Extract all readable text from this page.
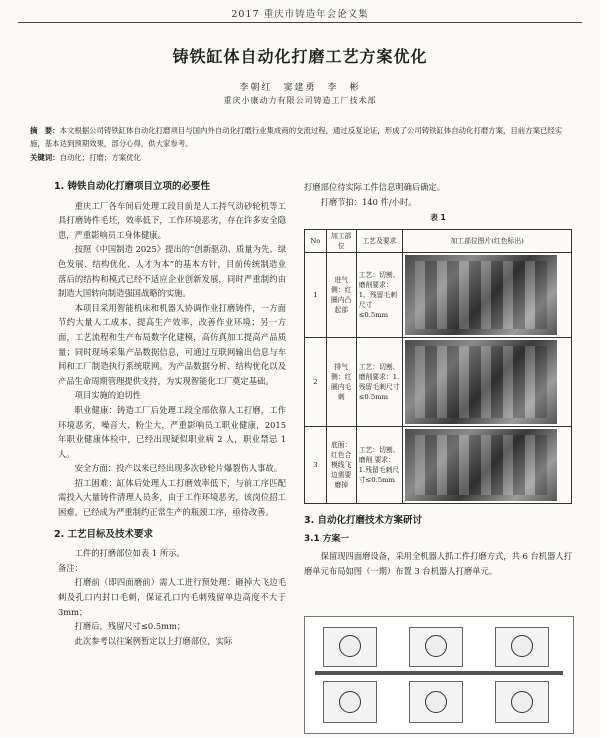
2017 重庆市铸造年会论文集
铸铁缸体自动化打磨工艺方案优化
李朝红　窦建勇　李　彬
重庆小康动力有限公司铸造工厂技术部
摘　要：本文根据公司铸铁缸体自动化打磨项目与国内外自动化打磨行业集成商的交流过程，通过反复论证，形成了公司铸铁缸体自动化打磨方案，目前方案已经实施，基本达到预期效果，部分心得，供大家参考。
关键词：自动化；打磨；方案优化
1. 铸铁自动化打磨项目立项的必要性

重庆工厂各车间后处理工段目前是人工持气动砂轮机等工具打磨铸件毛坯，效率低下，工作环境恶劣，存在许多安全隐患，严重影响员工身体健康。

按照《中国制造 2025》提出的“创新驱动、质量为先、绿色发展、结构优化、人才为本”的基本方针，目前传统制造业落后的结构和模式已经不适应企业创新发展，同时严重制约由制造大国转向制造强国战略的实施。

本项目采用智能机床和机器人协调作业打磨铸件，一方面节约大量人工成本、提高生产效率，改善作业环境；另一方面，工艺流程和生产布局数字化建模，高仿真加工提高产品质量；同时现场采集产品数据信息，可通过互联网输出信息与车间和工厂制造执行系统联网。为产品数据分析、结构优化以及产品生命周期管理提供支持，为实现智能化工厂奠定基础。

项目实施的迫切性

职业健康：铸造工厂后处理工段全部依靠人工打磨，工作环境恶劣，噪音大、粉尘大，严重影响员工职业健康，2015 年职业健康体检中，已经出现疑似职业病 2 人，职业禁忌 1 人。

安全方面：投产以来已经出现多次砂轮片爆裂伤人事故。

招工困难：缸体后处理人工打磨效率低下，与前工序匹配需投入大量铸件清理人员多，由于工作环境恶劣，该岗位招工困难，已经成为严重制约正常生产的瓶颈工序，亟待改善。

2. 工艺目标及技术要求

工件的打磨部位如表 1 所示。

备注：

打磨前（即四面磨前）需人工进行预处理：砸掉大飞边毛刺及孔口内封口毛刺，保证孔口内毛刺残留单边高度不大于3mm；

打磨后，残留尺寸≤0.5mm；

此次参考以往案例暂定以上打磨部位，实际

打磨部位待实际工件信息明确后确定。

打磨节拍：140 件/小时。

表 1
No	加工部位	工艺及要求	加工部位图片(红色标出)
1	进气侧：红圈内凸起部	工艺：切割、磨削要求：1、残留毛刺尺寸≤0.5mm	

2	排气侧：红圈内毛刺	工艺：切割、磨削要求：1.残留毛刺尺寸≤0.5mm	

3	底面：红色合模线飞边需要磨掉	工艺：切割、磨削 要求：1.残留毛刺尺寸≤0.5mm	
3. 自动化打磨技术方案研讨
3.1 方案一

保留现四面磨设备，采用全机器人抓工件打磨方式，共 6 台机器人打磨单元布局如图（一期）布置 3 台机器人打磨单元。
